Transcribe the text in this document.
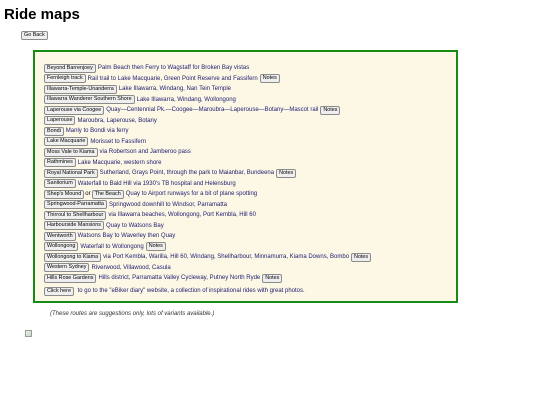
Ride maps
Go Back
Beyond Barrenjoey Palm Beach then Ferry to Wagstaff for Broken Bay vistas
Fernleigh track Rail trail to Lake Macquarie, Green Point Reserve and Fassifern Notes
Illawarra-Temple-Unanderra Lake Illawarra, Windang, Nan Tein Temple
Illawarra Wanderer Southern Shore Lake Illawarra, Windang, Wollongong
Laperouse via Coogee Quay—Centennial Pk.—Coogee—Maroubra—Laperouse—Botany—Mascot rail Notes
Laperouse Maroubra, Laperouse, Botany
Bondi Manly to Bondi via ferry
Lake Macquarie Morisset to Fassifern
Moss Vale to Kiama via Robertson and Jamberoo pass
Rathmines Lake Macquarie, western shore
Royal National Park Sutherland, Grays Point, through the park to Maianbar, Bundeena Notes
Sanitorium Waterfall to Bald Hill via 1930's TB hospital and Helensburg
Shep's Mound or The Beach Quay to Airport runways for a bit of plane spotting
Springwood-Parramatta Springwood downhill to Windsor, Parramatta
Thirroul to Shellharbour via Illawarra beaches, Wollongong, Port Kembla, Hill 60
Harbourside Mansions Quay to Watsons Bay
Wentworth Watsons Bay to Waverley then Quay
Wollongong Waterfall to Wollongong Notes
Wollongong to Kiama via Port Kembla, Warilla, Hill 60, Windang, Shellharbour, Minnamurra, Kiama Downs, Bombo Notes
Western Sydney Riverwood, Villawood, Casula
Hills Rose Gardens Hills district, Parramatta Valley Cycleway, Putney North Ryde Notes
Click here to go to the "eBiker diary" website, a collection of inspirational rides with great photos.
(These routes are suggestions only, lots of variants available.)
